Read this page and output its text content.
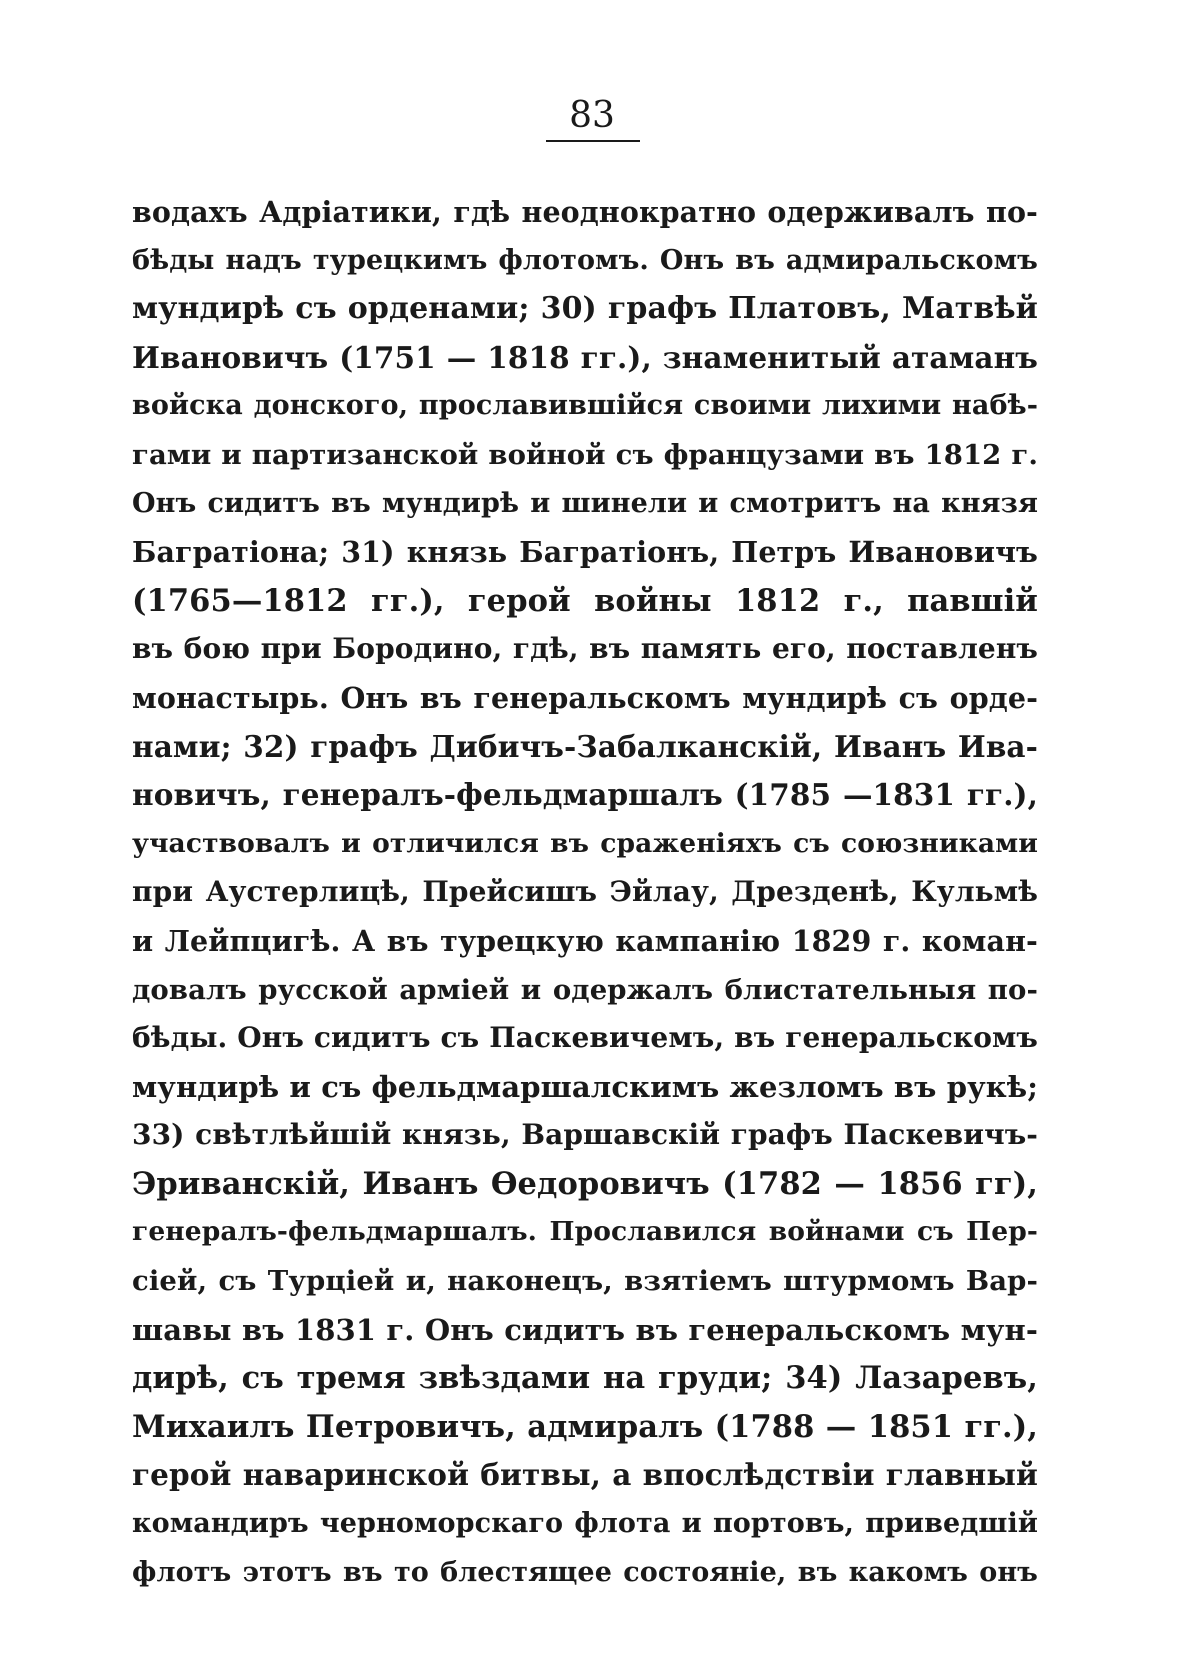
83
водахъ Адріатики, гдѣ неоднократно одерживалъ по-
бѣды надъ турецкимъ флотомъ. Онъ въ адмиральскомъ
мундирѣ съ орденами; 30) графъ Платовъ, Матвѣй
Ивановичъ (1751 — 1818 гг.), знаменитый атаманъ
войска донского, прославившійся своими лихими набѣ-
гами и партизанской войной съ французами въ 1812 г.
Онъ сидитъ въ мундирѣ и шинели и смотритъ на князя
Багратіона; 31) князь Багратіонъ, Петръ Ивановичъ
(1765—1812 гг.), герой войны 1812 г., павшій
въ бою при Бородино, гдѣ, въ память его, поставленъ
монастырь. Онъ въ генеральскомъ мундирѣ съ орде-
нами; 32) графъ Дибичъ-Забалканскій, Иванъ Ива-
новичъ, генералъ-фельдмаршалъ (1785 —1831 гг.),
участвовалъ и отличился въ сраженіяхъ съ союзниками
при Аустерлицѣ, Прейсишъ Эйлау, Дрезденѣ, Кульмѣ
и Лейпцигѣ. А въ турецкую кампанію 1829 г. коман-
довалъ русской арміей и одержалъ блистательныя по-
бѣды. Онъ сидитъ съ Паскевичемъ, въ генеральскомъ
мундирѣ и съ фельдмаршалскимъ жезломъ въ рукѣ;
33) свѣтлѣйшій князь, Варшавскій графъ Паскевичъ-
Эриванскій, Иванъ Ѳедоровичъ (1782 — 1856 гг),
генералъ-фельдмаршалъ. Прославился войнами съ Пер-
сіей, съ Турціей и, наконецъ, взятіемъ штурмомъ Вар-
шавы въ 1831 г. Онъ сидитъ въ генеральскомъ мун-
дирѣ, съ тремя звѣздами на груди; 34) Лазаревъ,
Михаилъ Петровичъ, адмиралъ (1788 — 1851 гг.),
герой наваринской битвы, а впослѣдствіи главный
командиръ черноморскаго флота и портовъ, приведшій
флотъ этотъ въ то блестящее состояніе, въ какомъ онъ
